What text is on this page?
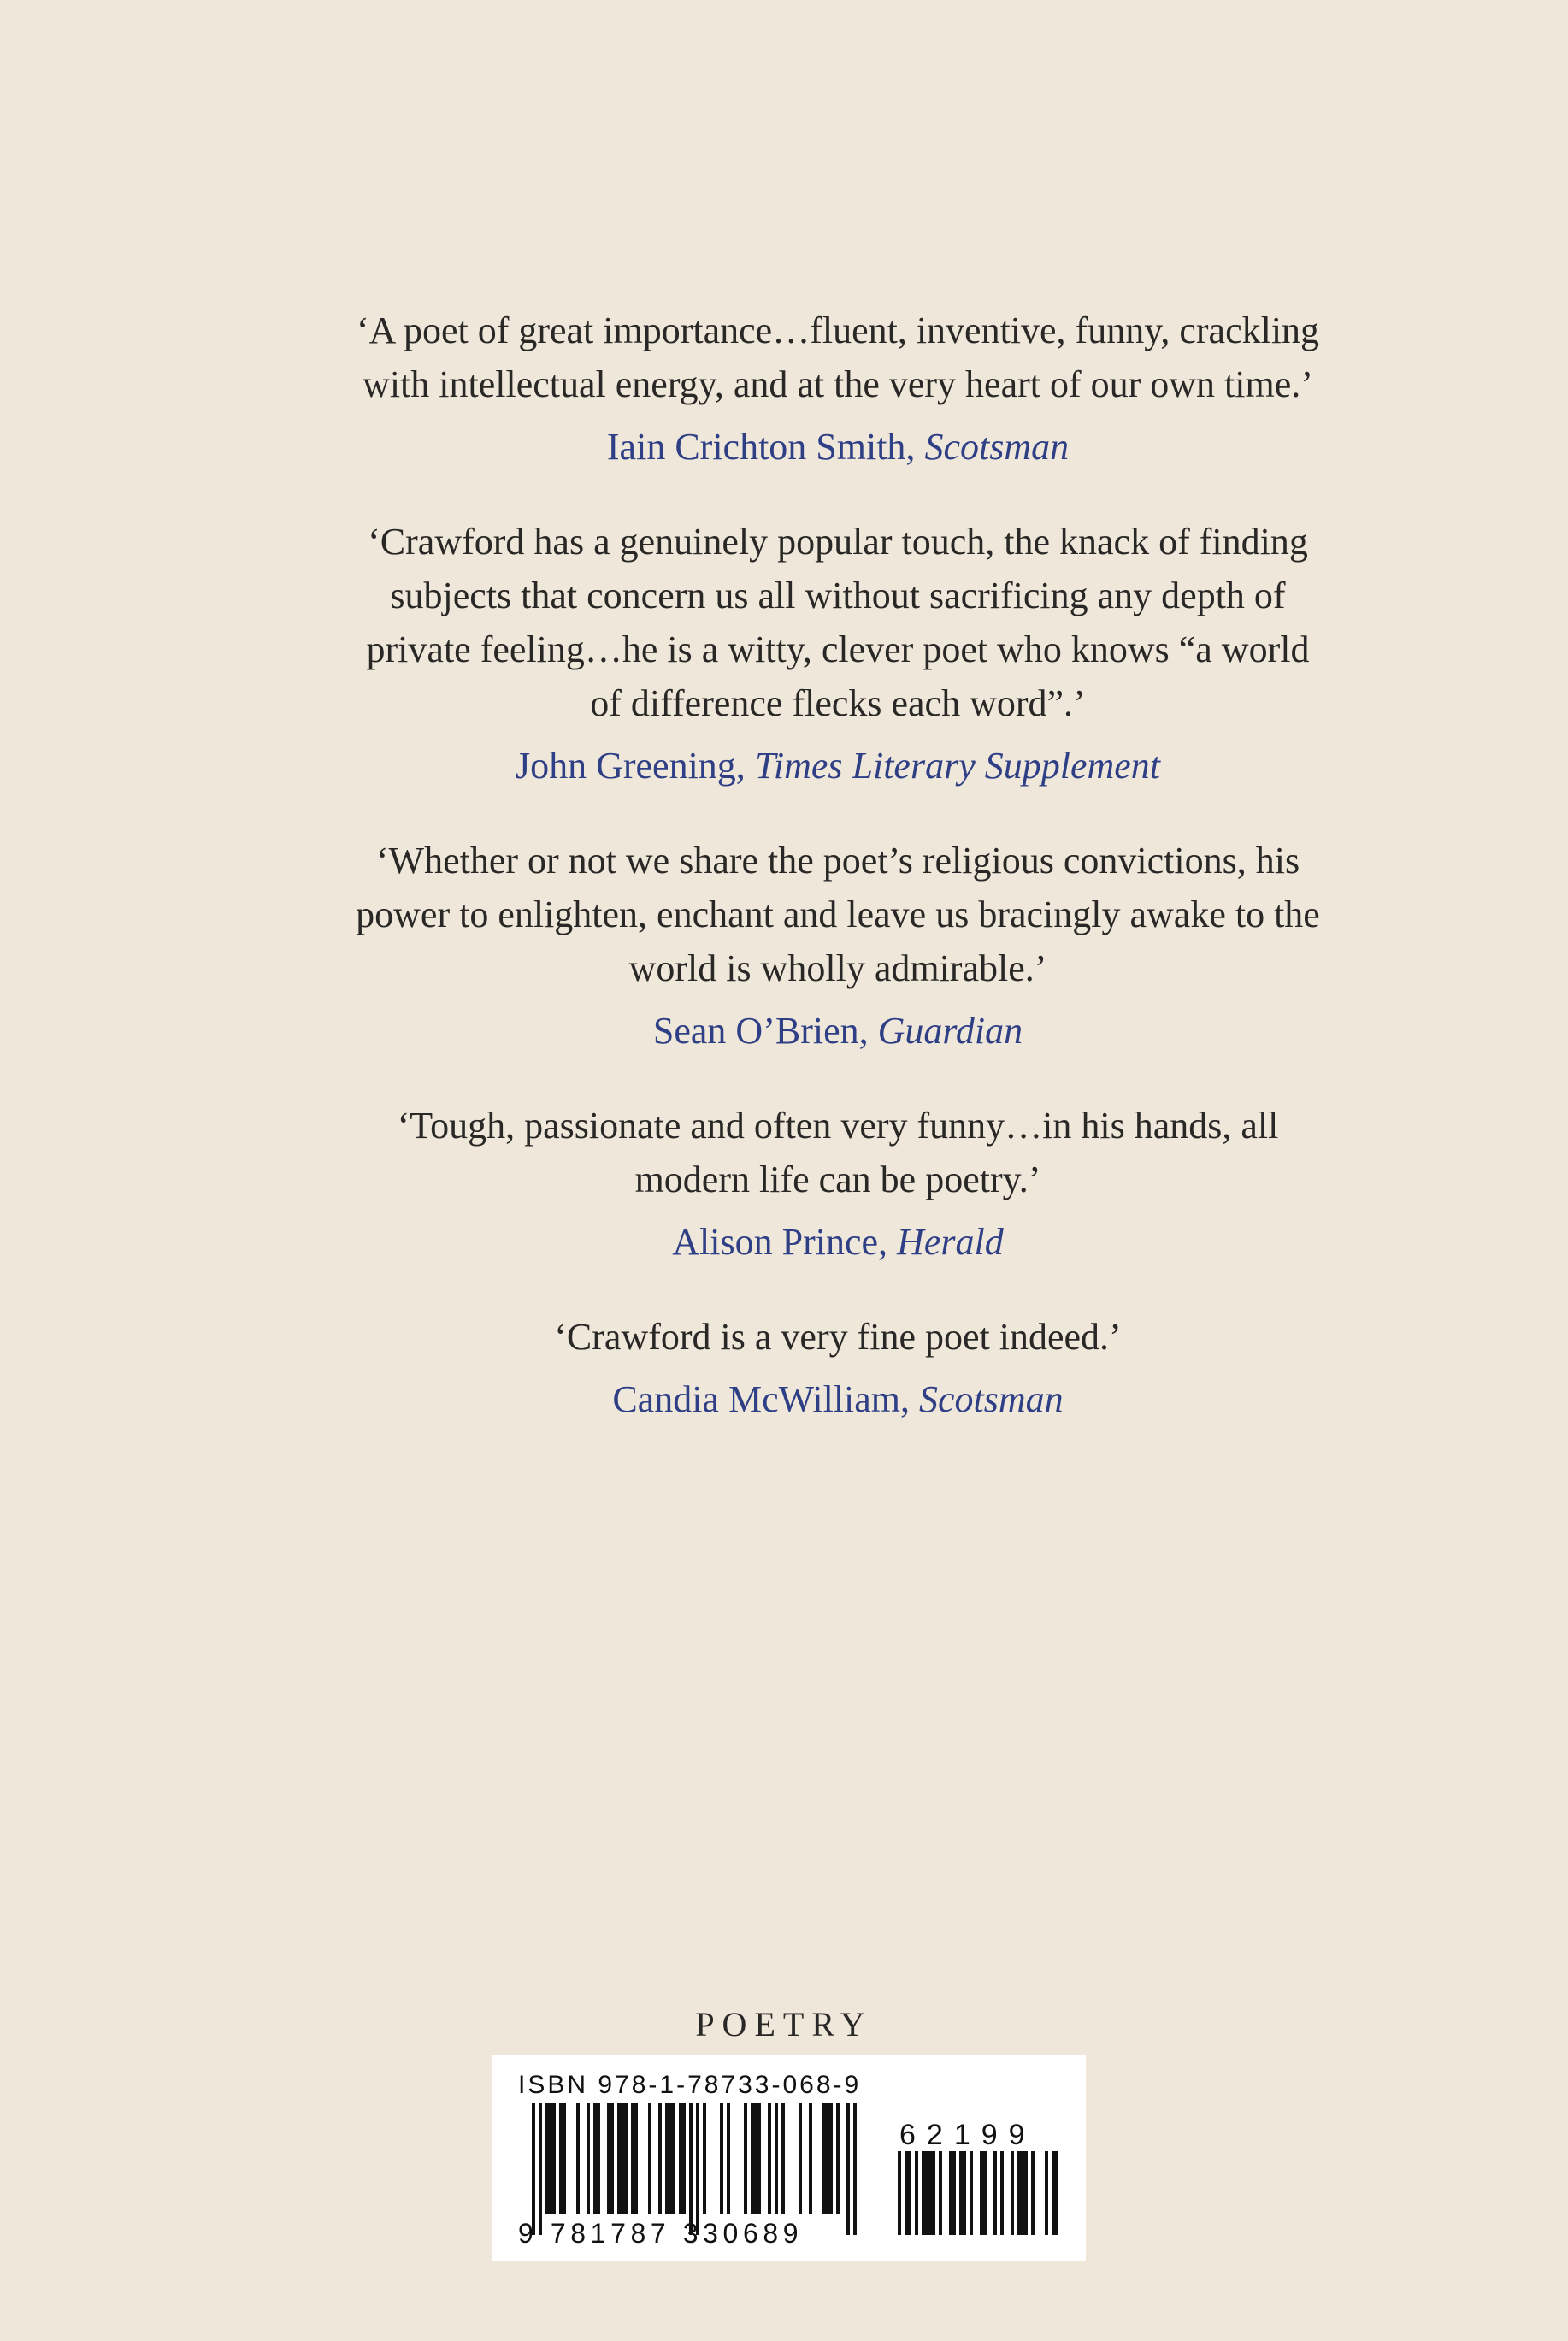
‘A poet of great importance…fluent, inventive, funny, crackling
with intellectual energy, and at the very heart of our own time.’

Iain Crichton Smith, Scotsman

‘Crawford has a genuinely popular touch, the knack of finding
subjects that concern us all without sacrificing any depth of
private feeling…he is a witty, clever poet who knows “a world
of difference flecks each word”.’

John Greening, Times Literary Supplement

‘Whether or not we share the poet’s religious convictions, his
power to enlighten, enchant and leave us bracingly awake to the
world is wholly admirable.’

Sean O’Brien, Guardian

‘Tough, passionate and often very funny…in his hands, all
modern life can be poetry.’

Alison Prince, Herald

‘Crawford is a very fine poet indeed.’

Candia McWilliam, Scotsman

POETRY
ISBN 978-1-78733-068-9
62199
9 781787 330689
